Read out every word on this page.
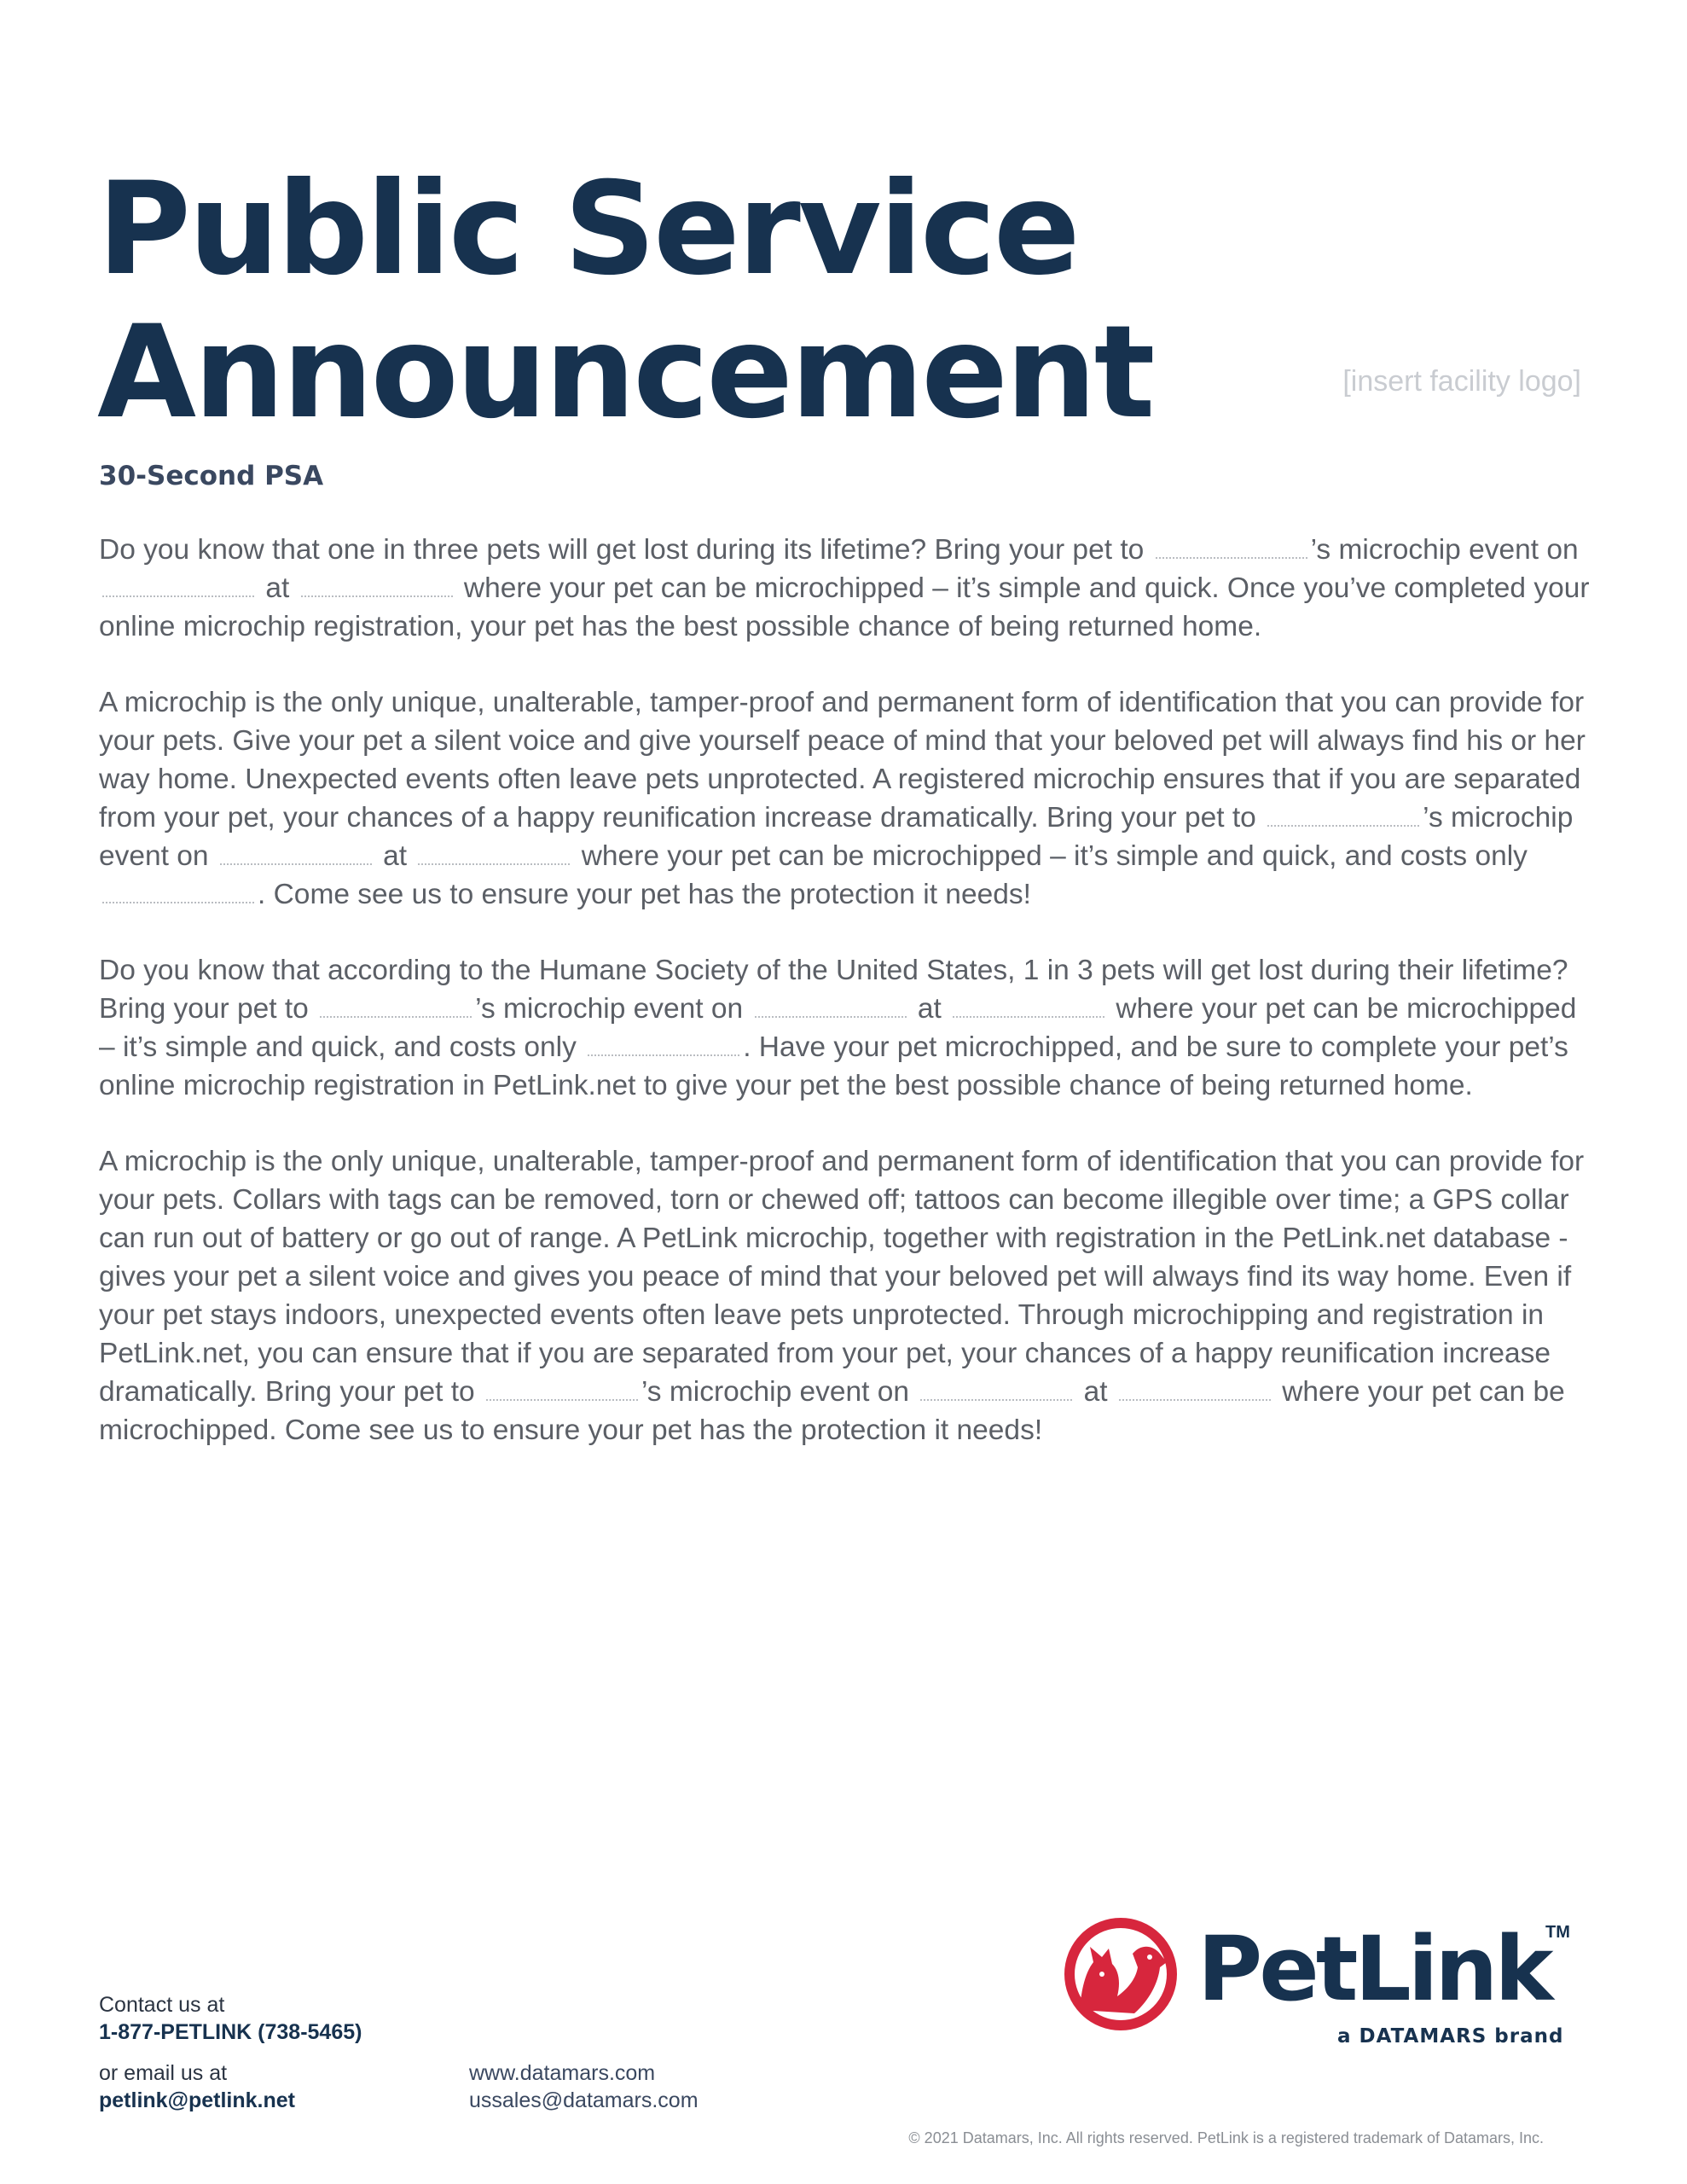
Public Service
Announcement	[insert facility logo]
30-Second PSA

Do you know that one in three pets will get lost during its lifetime? Bring your pet to	’s microchip event on  at	where your pet can be microchipped – it’s simple and quick. Once you’ve completed your online microchip registration, your pet has the best possible chance of being returned home.

A microchip is the only unique, unalterable, tamper-proof and permanent form of identification that you can provide for your pets. Give your pet a silent voice and give yourself peace of mind that your beloved pet will always find his or her way home. Unexpected events often leave pets unprotected. A registered microchip ensures that if you are separated from your pet, your chances of a happy reunification increase dramatically. Bring your pet to	’s microchip event on	at	where your pet can be microchipped – it’s simple and quick, and costs only . Come see us to ensure your pet has the protection it needs!

Do you know that according to the Humane Society of the United States, 1 in 3 pets will get lost during their lifetime? Bring your pet to	’s microchip event on	at	where your pet can be microchipped – it’s simple and quick, and costs only	. Have your pet microchipped, and be sure to complete your pet’s online microchip registration in PetLink.net to give your pet the best possible chance of being returned home.

A microchip is the only unique, unalterable, tamper-proof and permanent form of identification that you can provide for your pets. Collars with tags can be removed, torn or chewed off; tattoos can become illegible over time; a GPS collar can run out of battery or go out of range. A PetLink microchip, together with registration in the PetLink.net database - gives your pet a silent voice and gives you peace of mind that your beloved pet will always find its way home. Even if your pet stays indoors, unexpected events often leave pets unprotected. Through microchipping and registration in PetLink.net, you can ensure that if you are separated from your pet, your chances of a happy reunification increase dramatically. Bring your pet to	’s microchip event on	at	where your pet can be microchipped. Come see us to ensure your pet has the protection it needs!

Contact us at
1-877-PETLINK (738-5465)
or email us at
petlink@petlink.net
www.datamars.com
ussales@datamars.com
PetLink
TM
a DATAMARS brand
© 2021 Datamars, Inc. All rights reserved. PetLink is a registered trademark of Datamars, Inc.
